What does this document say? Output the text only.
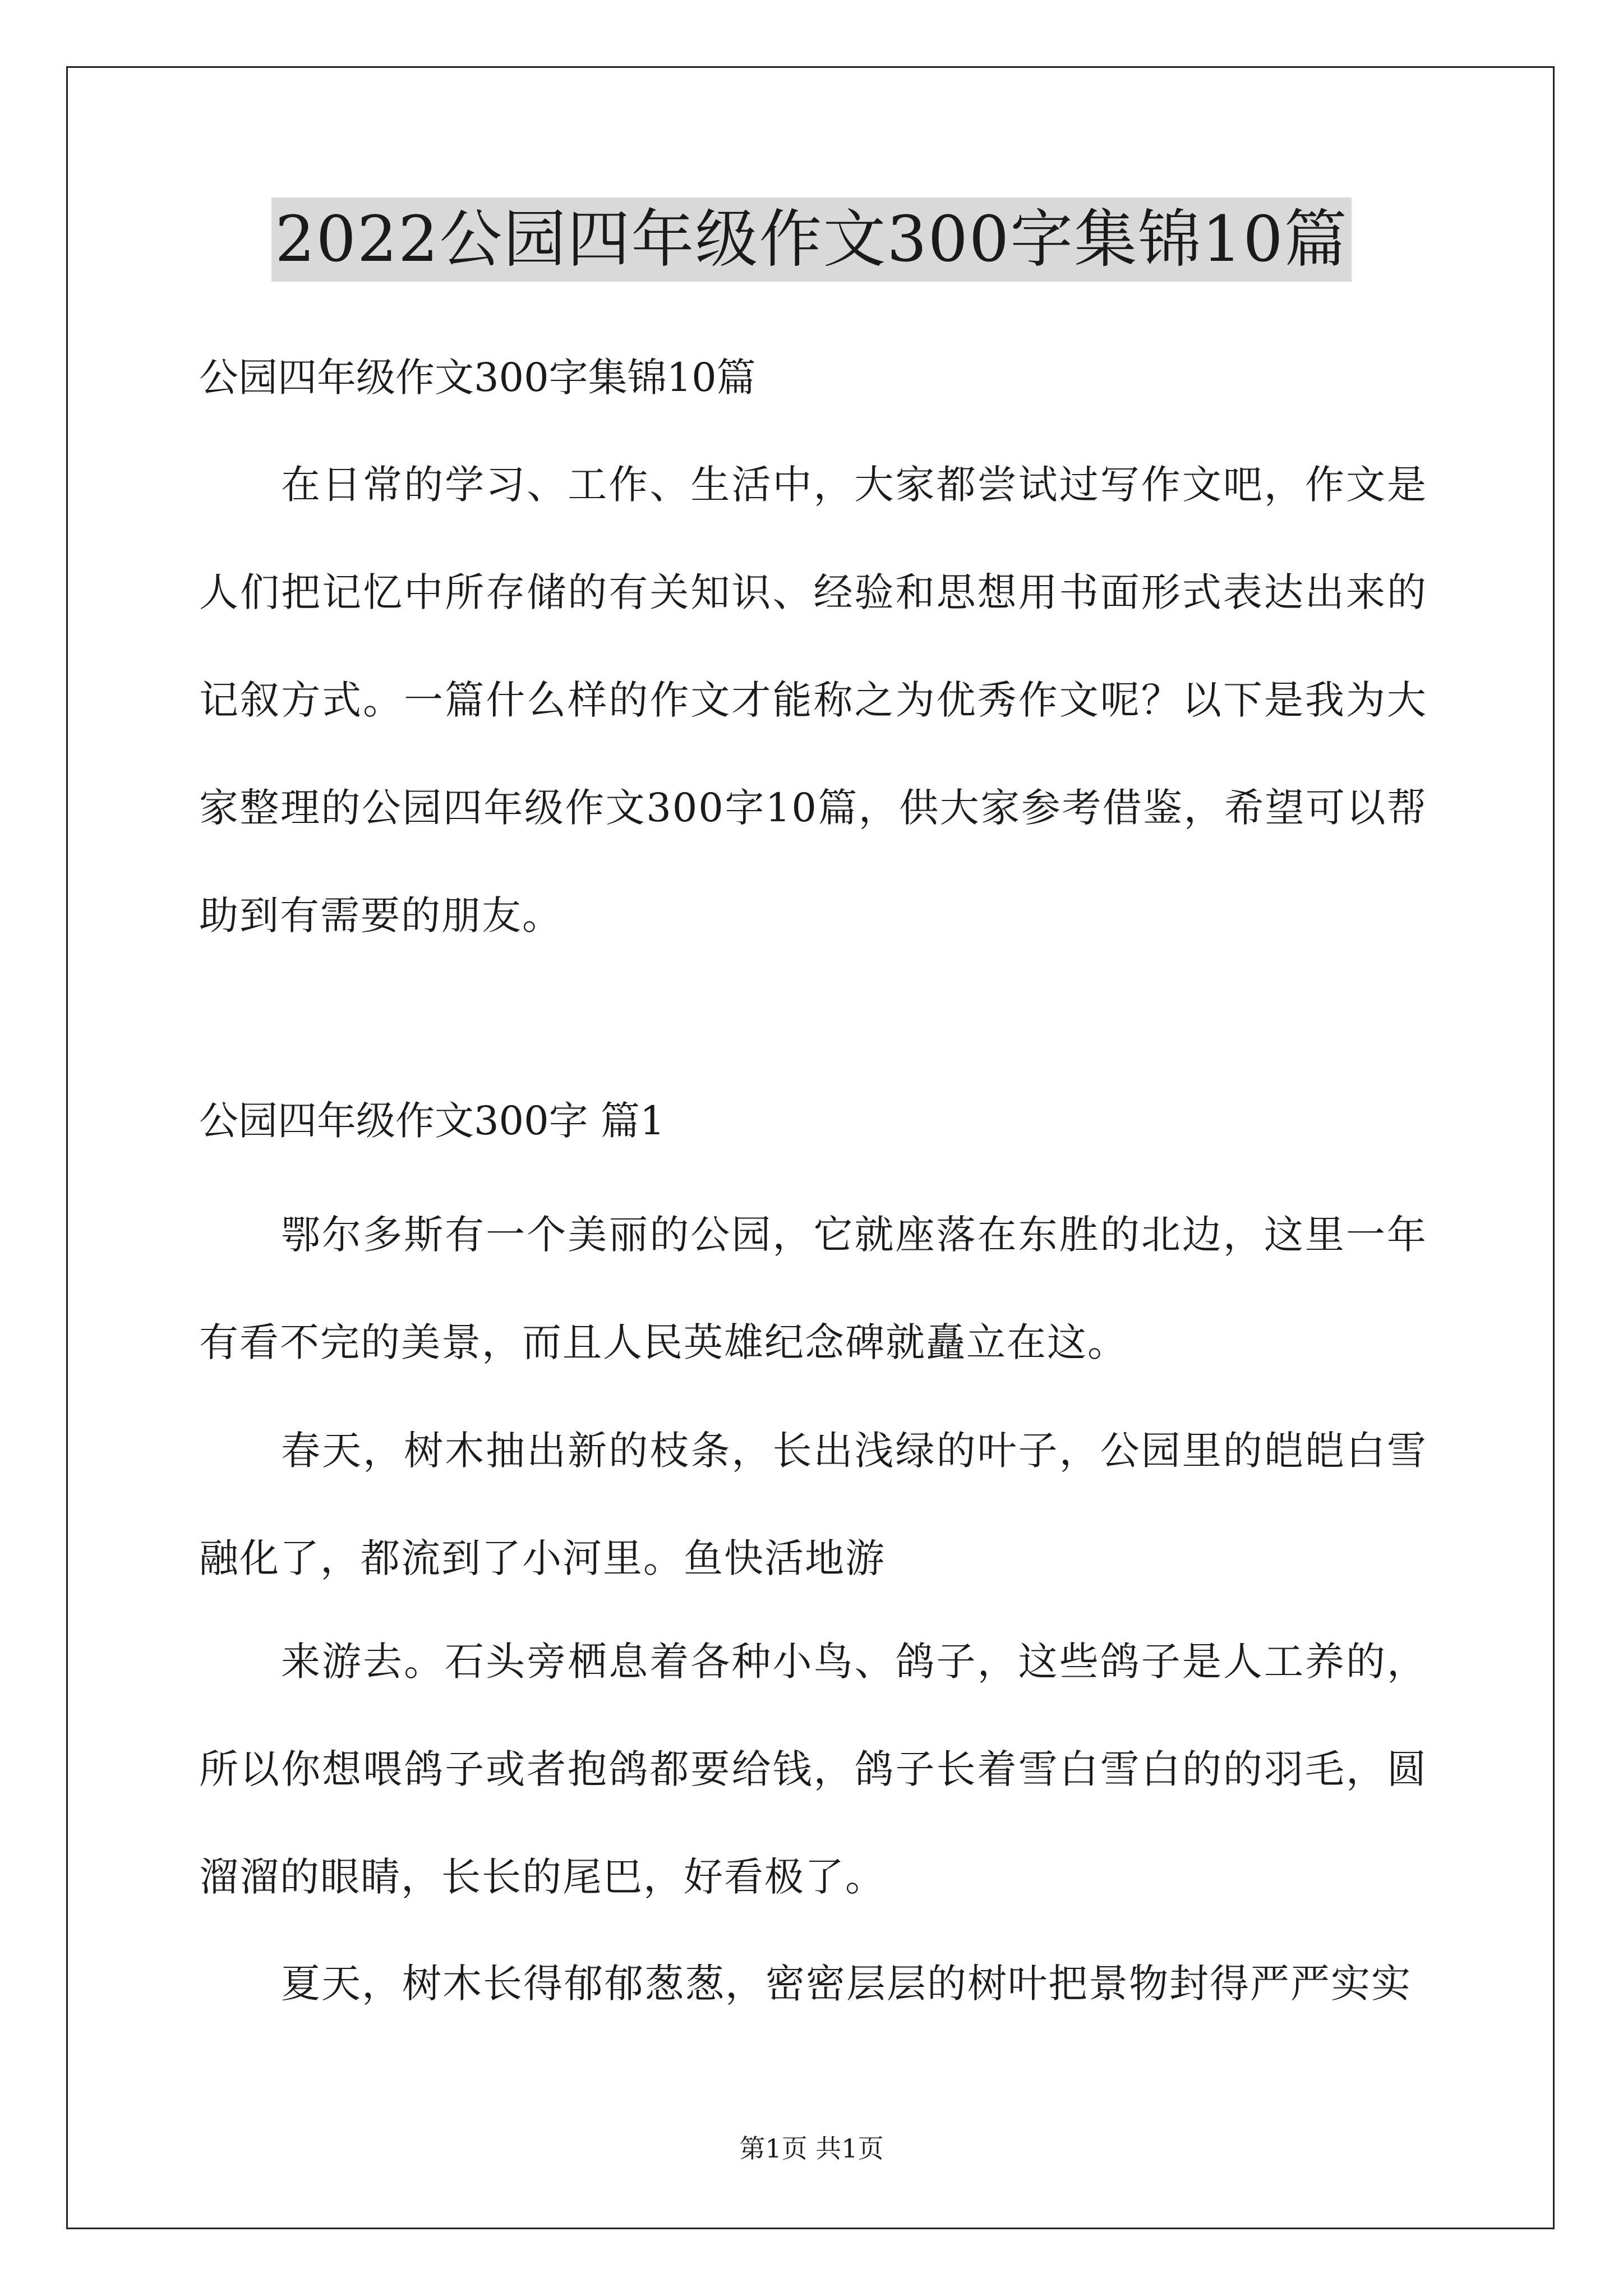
2022公园四年级作文300字集锦10篇
公园四年级作文300字集锦10篇

在日常的学习、工作、生活中，大家都尝试过写作文吧，作文是人们把记忆中所存储的有关知识、经验和思想用书面形式表达出来的记叙方式。一篇什么样的作文才能称之为优秀作文呢？以下是我为大家整理的公园四年级作文300字10篇，供大家参考借鉴，希望可以帮助到有需要的朋友。

公园四年级作文300字 篇1

鄂尔多斯有一个美丽的公园，它就座落在东胜的北边，这里一年有看不完的美景，而且人民英雄纪念碑就矗立在这。

春天，树木抽出新的枝条，长出浅绿的叶子，公园里的皑皑白雪融化了，都流到了小河里。鱼快活地游

来游去。石头旁栖息着各种小鸟、鸽子，这些鸽子是人工养的，所以你想喂鸽子或者抱鸽都要给钱，鸽子长着雪白雪白的的羽毛，圆溜溜的眼睛，长长的尾巴，好看极了。

夏天，树木长得郁郁葱葱，密密层层的树叶把景物封得严严实实

第1页 共1页
